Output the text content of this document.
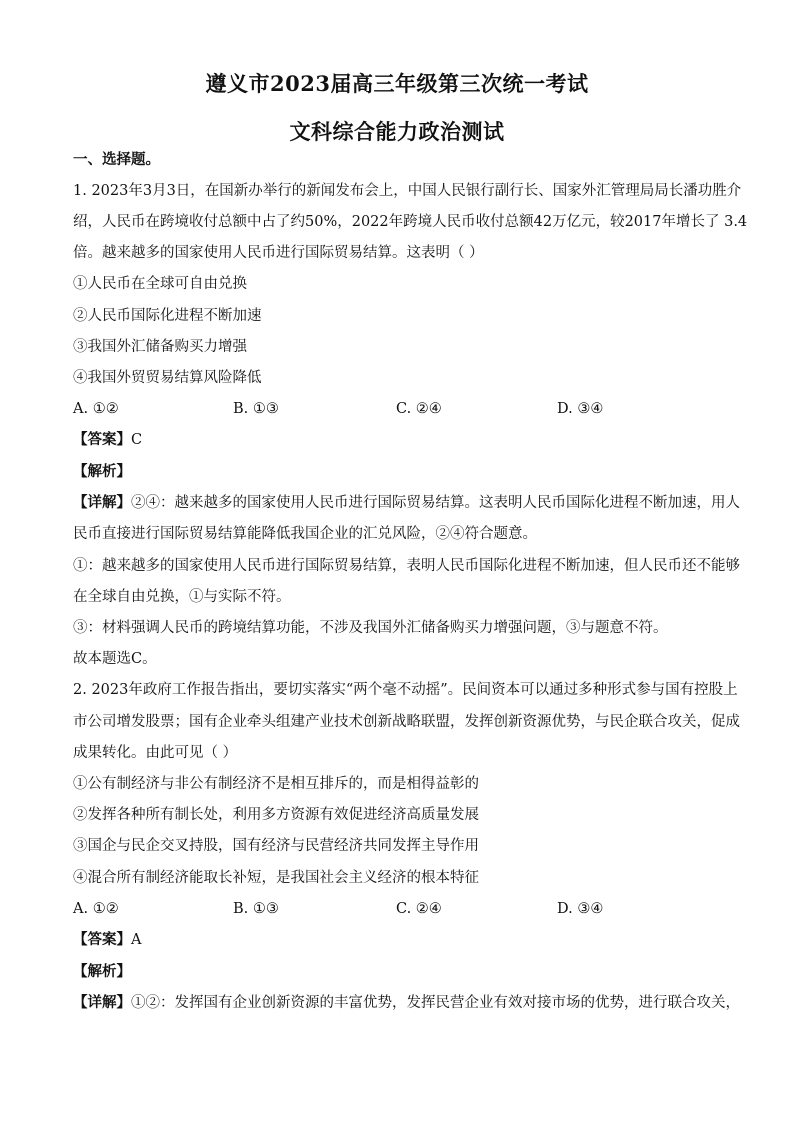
遵义市2023届高三年级第三次统一考试
文科综合能力政治测试
一、选择题。
1. 2023年3月3日，在国新办举行的新闻发布会上，中国人民银行副行长、国家外汇管理局局长潘功胜介
绍，人民币在跨境收付总额中占了约50%，2022年跨境人民币收付总额42万亿元，较2017年增长了 3.4
倍。越来越多的国家使用人民币进行国际贸易结算。这表明（ ）
①人民币在全球可自由兑换
②人民币国际化进程不断加速
③我国外汇储备购买力增强
④我国外贸贸易结算风险降低
A. ①②	B. ①③	C. ②④	D. ③④
【答案】C
【解析】
【详解】②④：越来越多的国家使用人民币进行国际贸易结算。这表明人民币国际化进程不断加速，用人
民币直接进行国际贸易结算能降低我国企业的汇兑风险，②④符合题意。
①：越来越多的国家使用人民币进行国际贸易结算，表明人民币国际化进程不断加速，但人民币还不能够
在全球自由兑换，①与实际不符。
③：材料强调人民币的跨境结算功能，不涉及我国外汇储备购买力增强问题，③与题意不符。
故本题选C。
2. 2023年政府工作报告指出，要切实落实“两个毫不动摇”。民间资本可以通过多种形式参与国有控股上
市公司增发股票；国有企业牵头组建产业技术创新战略联盟，发挥创新资源优势，与民企联合攻关，促成
成果转化。由此可见（ ）
①公有制经济与非公有制经济不是相互排斥的，而是相得益彰的
②发挥各种所有制长处，利用多方资源有效促进经济高质量发展
③国企与民企交叉持股，国有经济与民营经济共同发挥主导作用
④混合所有制经济能取长补短，是我国社会主义经济的根本特征
A. ①②	B. ①③	C. ②④	D. ③④
【答案】A
【解析】
【详解】①②：发挥国有企业创新资源的丰富优势，发挥民营企业有效对接市场的优势，进行联合攻关，
